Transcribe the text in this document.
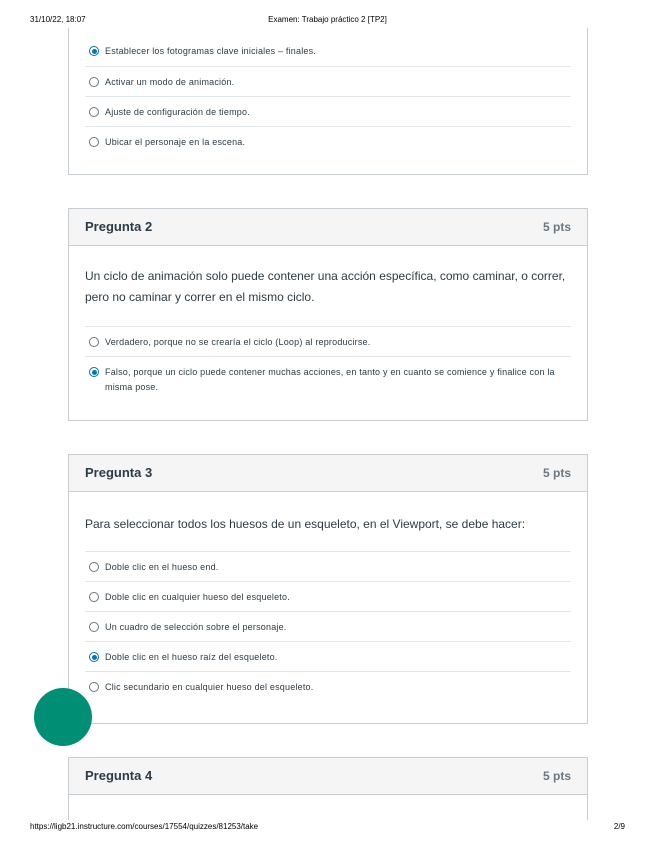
31/10/22, 18:07	Examen: Trabajo práctico 2 [TP2]
Establecer los fotogramas clave iniciales – finales.
Activar un modo de animación.
Ajuste de configuración de tiempo.
Ubicar el personaje en la escena.
Pregunta 2	5 pts
Un ciclo de animación solo puede contener una acción específica, como caminar, o correr, pero no caminar y correr en el mismo ciclo.
Verdadero, porque no se crearía el ciclo (Loop) al reproducirse.
Falso, porque un ciclo puede contener muchas acciones, en tanto y en cuanto se comience y finalice con la misma pose.
Pregunta 3	5 pts
Para seleccionar todos los huesos de un esqueleto, en el Viewport, se debe hacer:
Doble clic en el hueso end.
Doble clic en cualquier hueso del esqueleto.
Un cuadro de selección sobre el personaje.
Doble clic en el hueso raíz del esqueleto.
Clic secundario en cualquier hueso del esqueleto.
Pregunta 4	5 pts
https://ligb21.instructure.com/courses/17554/quizzes/81253/take	2/9
